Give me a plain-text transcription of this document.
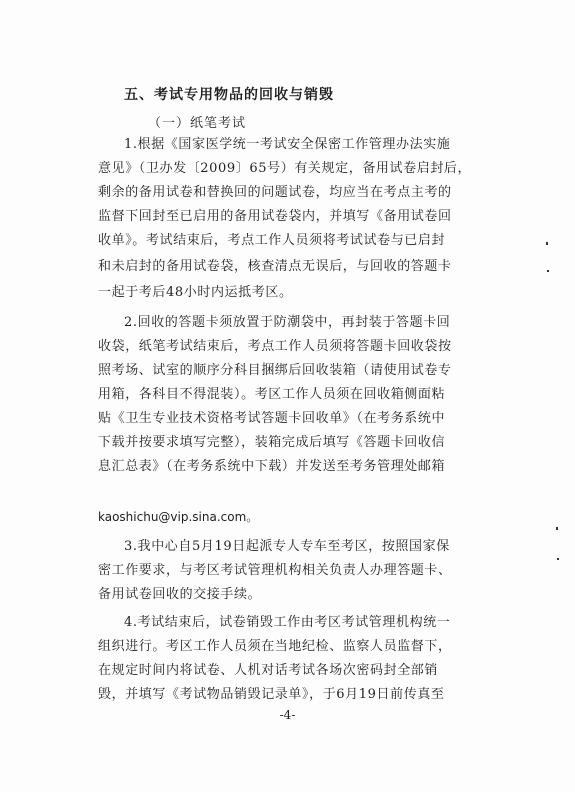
五、考试专用物品的回收与销毁
（一）纸笔考试
1.根据《国家医学统一考试安全保密工作管理办法实施
意见》（卫办发〔2009〕65号）有关规定，备用试卷启封后，
剩余的备用试卷和替换回的问题试卷，均应当在考点主考的
监督下回封至已启用的备用试卷袋内，并填写《备用试卷回
收单》。考试结束后，考点工作人员须将考试试卷与已启封
和未启封的备用试卷袋，核查清点无误后，与回收的答题卡
一起于考后48小时内运抵考区。
2.回收的答题卡须放置于防潮袋中，再封装于答题卡回
收袋，纸笔考试结束后，考点工作人员须将答题卡回收袋按
照考场、试室的顺序分科目捆绑后回收装箱（请使用试卷专
用箱，各科目不得混装）。考区工作人员须在回收箱侧面粘
贴《卫生专业技术资格考试答题卡回收单》（在考务系统中
下载并按要求填写完整），装箱完成后填写《答题卡回收信
息汇总表》（在考务系统中下载）并发送至考务管理处邮箱
kaoshichu@vip.sina.com。
3.我中心自5月19日起派专人专车至考区，按照国家保
密工作要求，与考区考试管理机构相关负责人办理答题卡、
备用试卷回收的交接手续。
4.考试结束后，试卷销毁工作由考区考试管理机构统一
组织进行。考区工作人员须在当地纪检、监察人员监督下，
在规定时间内将试卷、人机对话考试各场次密码封全部销
毁，并填写《考试物品销毁记录单》，于6月19日前传真至
-4-
